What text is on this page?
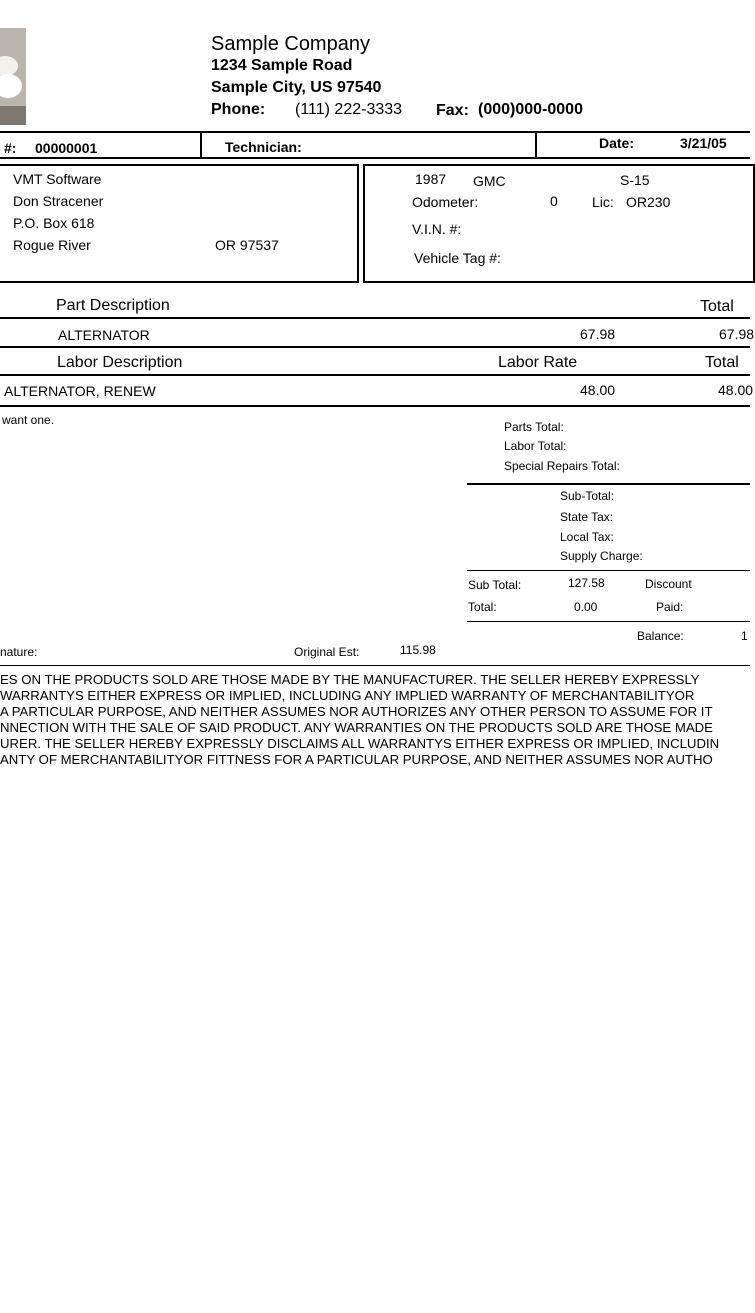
Sample Company
1234 Sample Road
Sample City, US 97540
Phone: (111) 222-3333 Fax: (000)000-0000
#: 00000001	Technician:	Date:	3/21/05
VMT Software
Don Stracener
P.O. Box 618
Rogue River	OR 97537
1987 GMC	S-15
Odometer:	0 Lic: OR230
V.I.N. #:
Vehicle Tag #:
Part Description	Total
ALTERNATOR	67.98	67.98
Labor Description	Labor Rate	Total
ALTERNATOR, RENEW	48.00	48.00
want one.	Parts Total:
Labor Total:
Special Repairs Total:
Sub-Total:
State Tax:
Local Tax:
Supply Charge:
Sub Total:	127.58	Discount
Total:	0.00	Paid:
Balance:	1
nature:	Original Est:	115.98
ES ON THE PRODUCTS SOLD ARE THOSE MADE BY THE MANUFACTURER. THE SELLER HEREBY EXPRESSLY
WARRANTYS EITHER EXPRESS OR IMPLIED, INCLUDING ANY IMPLIED WARRANTY OF MERCHANTABILITYOR
A PARTICULAR PURPOSE, AND NEITHER ASSUMES NOR AUTHORIZES ANY OTHER PERSON TO ASSUME FOR IT
NNECTION WITH THE SALE OF SAID PRODUCT. ANY WARRANTIES ON THE PRODUCTS SOLD ARE THOSE MADE
URER. THE SELLER HEREBY EXPRESSLY DISCLAIMS ALL WARRANTYS EITHER EXPRESS OR IMPLIED, INCLUDIN
ANTY OF MERCHANTABILITYOR FITTNESS FOR A PARTICULAR PURPOSE, AND NEITHER ASSUMES NOR AUTHO
